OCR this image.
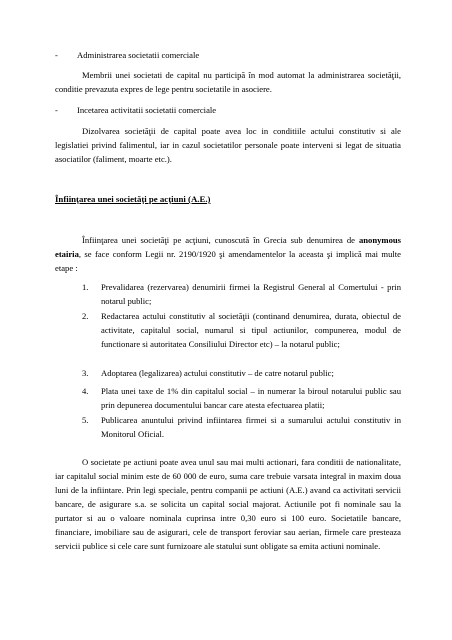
- Administrarea societatii comerciale

Membrii unei societati de capital nu participă în mod automat la administrarea societăţii, conditie prevazuta expres de lege pentru societatile in asociere.

- Incetarea activitatii societatii comerciale

Dizolvarea societăţii de capital poate avea loc in conditiile actului constitutiv si ale legislatiei privind falimentul, iar in cazul societatilor personale poate interveni si legat de situatia asociatilor (faliment, moarte etc.).

Înfiinţarea unei societăţi pe acţiuni (A.E.)

Înfiinţarea unei societăţi pe acţiuni, cunoscută în Grecia sub denumirea de anonymous etairia, se face conform Legii nr. 2190/1920 şi amendamentelor la aceasta şi implică mai multe etape :

1. Prevalidarea (rezervarea) denumirii firmei la Registrul General al Comertului - prin notarul public;
2. Redactarea actului constitutiv al societăţii (continand denumirea, durata, obiectul de activitate, capitalul social, numarul si tipul actiunilor, compunerea, modul de functionare si autoritatea Consiliului Director etc) – la notarul public;
3. Adoptarea (legalizarea) actului constitutiv – de catre notarul public;
4. Plata unei taxe de 1% din capitalul social – in numerar la biroul notarului public sau prin depunerea documentului bancar care atesta efectuarea platii;
5. Publicarea anuntului privind infiintarea firmei si a sumarului actului constitutiv in Monitorul Oficial.

O societate pe actiuni poate avea unul sau mai multi actionari, fara conditii de nationalitate, iar capitalul social minim este de 60 000 de euro, suma care trebuie varsata integral in maxim doua luni de la infiintare. Prin legi speciale, pentru companii pe actiuni (A.E.) avand ca activitati servicii bancare, de asigurare s.a. se solicita un capital social majorat. Actiunile pot fi nominale sau la purtator si au o valoare nominala cuprinsa intre 0,30 euro si 100 euro. Societatile bancare, financiare, imobiliare sau de asigurari, cele de transport feroviar sau aerian, firmele care presteaza servicii publice si cele care sunt furnizoare ale statului sunt obligate sa emita actiuni nominale.
